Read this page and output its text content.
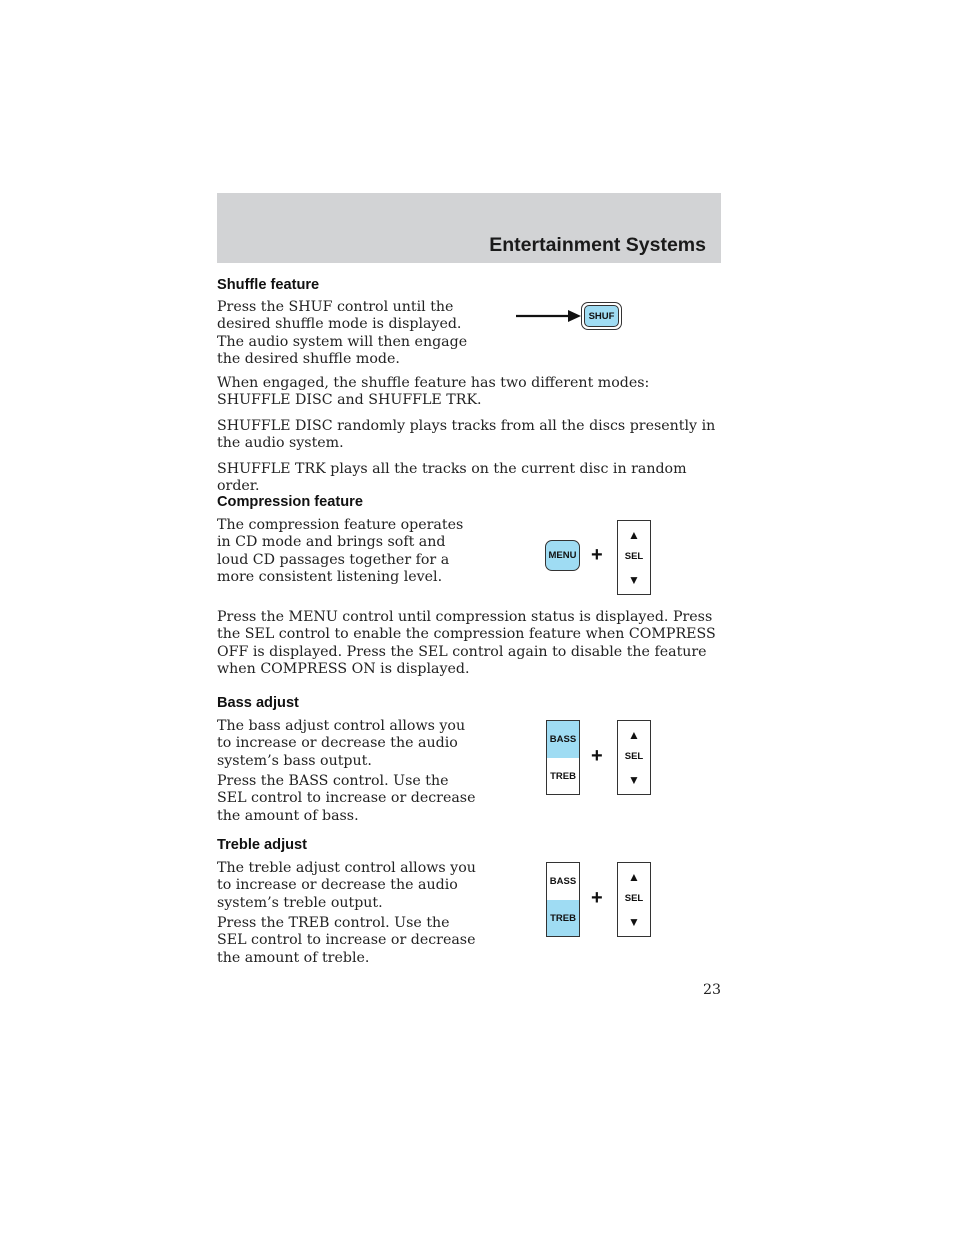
Entertainment Systems
Shuffle feature
Press the SHUF control until the desired shuffle mode is displayed. The audio system will then engage the desired shuffle mode.
SHUF
When engaged, the shuffle feature has two different modes: SHUFFLE DISC and SHUFFLE TRK.
SHUFFLE DISC randomly plays tracks from all the discs presently in the audio system.
SHUFFLE TRK plays all the tracks on the current disc in random order.
Compression feature
The compression feature operates in CD mode and brings soft and loud CD passages together for a more consistent listening level.
MENU +
▲
SEL
▼
Press the MENU control until compression status is displayed. Press the SEL control to enable the compression feature when COMPRESS OFF is displayed. Press the SEL control again to disable the feature when COMPRESS ON is displayed.
Bass adjust
The bass adjust control allows you to increase or decrease the audio system’s bass output.
Press the BASS control. Use the SEL control to increase or decrease the amount of bass.
BASS
TREB
+
▲
SEL
▼
Treble adjust
The treble adjust control allows you to increase or decrease the audio system’s treble output.
Press the TREB control. Use the SEL control to increase or decrease the amount of treble.
BASS
TREB
+
▲
SEL
▼
23
